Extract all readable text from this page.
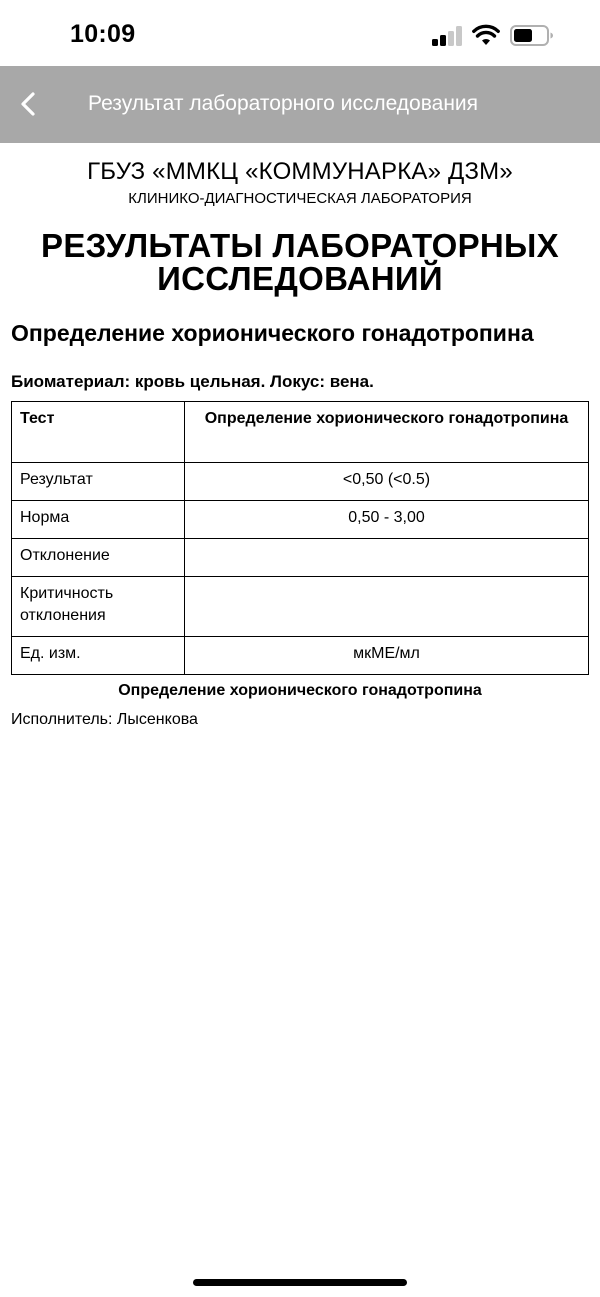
10:09
Результат лабораторного исследования
ГБУЗ «ММКЦ «КОММУНАРКА» ДЗМ»
КЛИНИКО-ДИАГНОСТИЧЕСКАЯ ЛАБОРАТОРИЯ
РЕЗУЛЬТАТЫ ЛАБОРАТОРНЫХ
ИССЛЕДОВАНИЙ
Определение хорионического гонадотропина
Биоматериал: кровь цельная. Локус: вена.
Тест	Определение хорионического гонадотропина
Результат	<0,50 (<0.5)
Норма	0,50 - 3,00
Отклонение	
Критичность отклонения	
Ед. изм.	мкМЕ/мл
Определение хорионического гонадотропина
Исполнитель: Лысенкова
